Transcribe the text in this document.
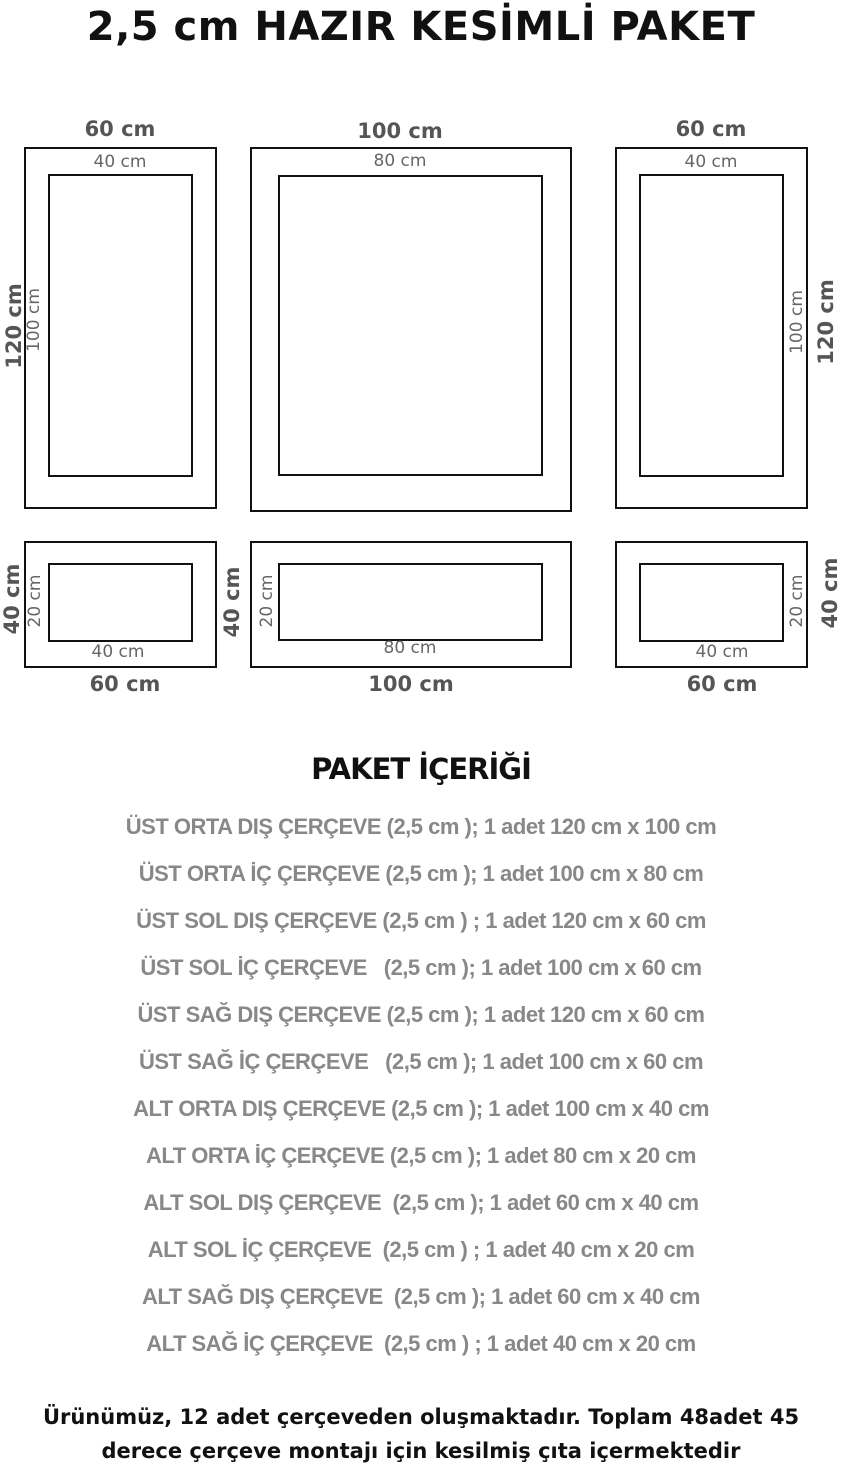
2,5 cm HAZIR KESİMLİ PAKET
60 cm
40 cm
120 cm
100 cm
100 cm
80 cm
60 cm
40 cm
120 cm
100 cm
40 cm
60 cm
40 cm 20 cm
80 cm
100 cm
40 cm 20 cm
40 cm
60 cm
40 cm
20 cm
PAKET İÇERİĞİ
ÜST ORTA DIŞ ÇERÇEVE (2,5 cm ); 1 adet 120 cm x 100 cm
ÜST ORTA İÇ ÇERÇEVE (2,5 cm ); 1 adet 100 cm x 80 cm
ÜST SOL DIŞ ÇERÇEVE (2,5 cm ) ; 1 adet 120 cm x 60 cm
ÜST SOL İÇ ÇERÇEVE   (2,5 cm ); 1 adet 100 cm x 60 cm
ÜST SAĞ DIŞ ÇERÇEVE (2,5 cm ); 1 adet 120 cm x 60 cm
ÜST SAĞ İÇ ÇERÇEVE   (2,5 cm ); 1 adet 100 cm x 60 cm
ALT ORTA DIŞ ÇERÇEVE (2,5 cm ); 1 adet 100 cm x 40 cm
ALT ORTA İÇ ÇERÇEVE (2,5 cm ); 1 adet 80 cm x 20 cm
ALT SOL DIŞ ÇERÇEVE  (2,5 cm ); 1 adet 60 cm x 40 cm
ALT SOL İÇ ÇERÇEVE  (2,5 cm ) ; 1 adet 40 cm x 20 cm
ALT SAĞ DIŞ ÇERÇEVE  (2,5 cm ); 1 adet 60 cm x 40 cm
ALT SAĞ İÇ ÇERÇEVE  (2,5 cm ) ; 1 adet 40 cm x 20 cm
Ürünümüz, 12 adet çerçeveden oluşmaktadır. Toplam 48adet 45
derece çerçeve montajı için kesilmiş çıta içermektedir
